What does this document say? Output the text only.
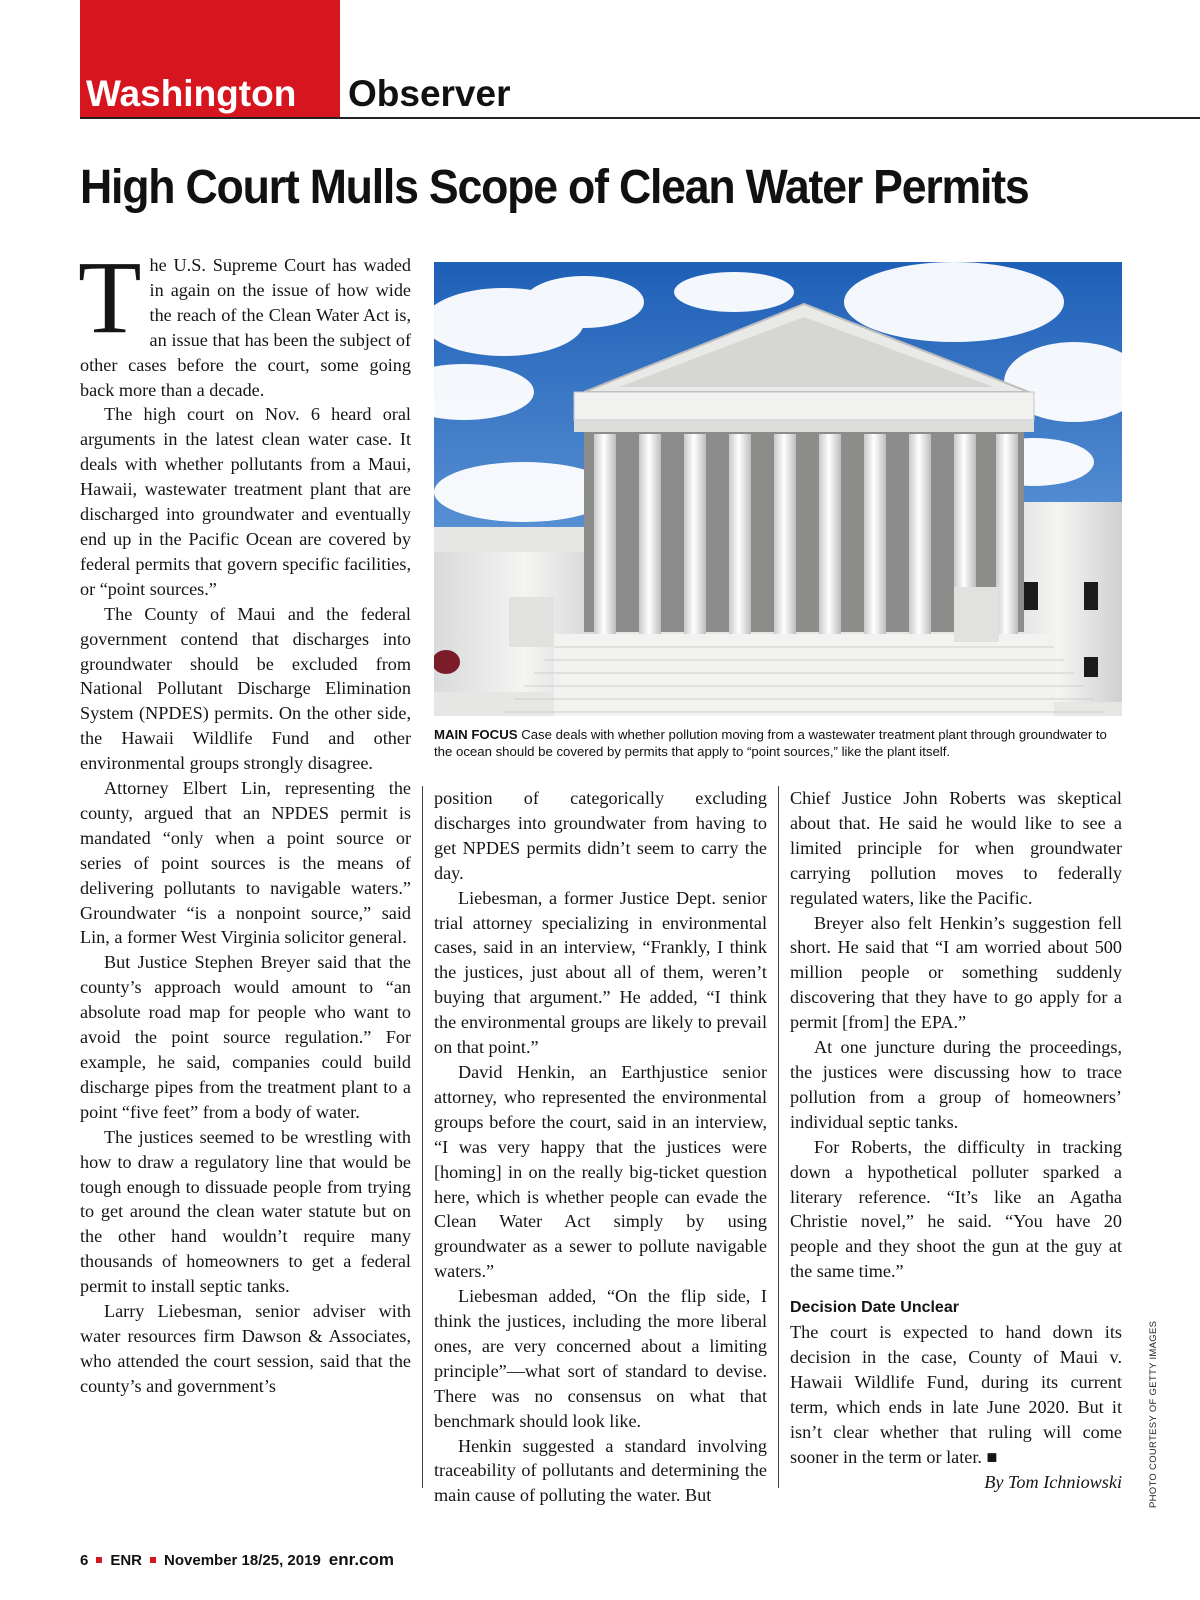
Washington	Observer
High Court Mulls Scope of Clean Water Permits

The U.S. Supreme Court has waded in again on the issue of how wide the reach of the Clean Water Act is, an issue that has been the subject of other cases before the court, some going back more than a decade.

The high court on Nov. 6 heard oral arguments in the latest clean water case. It deals with whether pollutants from a Maui, Hawaii, wastewater treatment plant that are discharged into groundwater and eventually end up in the Pacific Ocean are covered by federal permits that govern specific facilities, or “point sources.”

The County of Maui and the federal government contend that discharges into groundwater should be excluded from National Pollutant Discharge Elimination System (NPDES) permits. On the other side, the Hawaii Wildlife Fund and other environmental groups strongly disagree.

Attorney Elbert Lin, representing the county, argued that an NPDES permit is mandated “only when a point source or series of point sources is the means of delivering pollutants to navigable waters.” Groundwater “is a nonpoint source,” said Lin, a former West Virginia solicitor general.

But Justice Stephen Breyer said that the county’s approach would amount to “an absolute road map for people who want to avoid the point source regulation.” For example, he said, companies could build discharge pipes from the treatment plant to a point “five feet” from a body of water.

The justices seemed to be wrestling with how to draw a regulatory line that would be tough enough to dissuade people from trying to get around the clean water statute but on the other hand wouldn’t require many thousands of homeowners to get a federal permit to install septic tanks.

Larry Liebesman, senior adviser with water resources firm Dawson & Associates, who attended the court session, said that the county’s and government’s

MAIN FOCUS Case deals with whether pollution moving from a wastewater treatment plant through groundwater to the ocean should be covered by permits that apply to “point sources,” like the plant itself.

position of categorically excluding discharges into groundwater from having to get NPDES permits didn’t seem to carry the day.

Liebesman, a former Justice Dept. senior trial attorney specializing in environmental cases, said in an interview, “Frankly, I think the justices, just about all of them, weren’t buying that argument.” He added, “I think the environmental groups are likely to prevail on that point.”

David Henkin, an Earthjustice senior attorney, who represented the environmental groups before the court, said in an interview, “I was very happy that the justices were [homing] in on the really big-ticket question here, which is whether people can evade the Clean Water Act simply by using groundwater as a sewer to pollute navigable waters.”

Liebesman added, “On the flip side, I think the justices, including the more liberal ones, are very concerned about a limiting principle”—what sort of standard to devise. There was no consensus on what that benchmark should look like.

Henkin suggested a standard involving traceability of pollutants and determining the main cause of polluting the water. But

Chief Justice John Roberts was skeptical about that. He said he would like to see a limited principle for when groundwater carrying pollution moves to federally regulated waters, like the Pacific.

Breyer also felt Henkin’s suggestion fell short. He said that “I am worried about 500 million people or something suddenly discovering that they have to go apply for a permit [from] the EPA.”

At one juncture during the proceedings, the justices were discussing how to trace pollution from a group of homeowners’ individual septic tanks.

For Roberts, the difficulty in tracking down a hypothetical polluter sparked a literary reference. “It’s like an Agatha Christie novel,” he said. “You have 20 people and they shoot the gun at the guy at the same time.”

Decision Date Unclear

The court is expected to hand down its decision in the case, County of Maui v. Hawaii Wildlife Fund, during its current term, which ends in late June 2020. But it isn’t clear whether that ruling will come sooner in the term or later. ■

By Tom Ichniowski	PHOTO COURTESY OF GETTY IMAGES
6 ENR November 18/25, 2019 enr.com
